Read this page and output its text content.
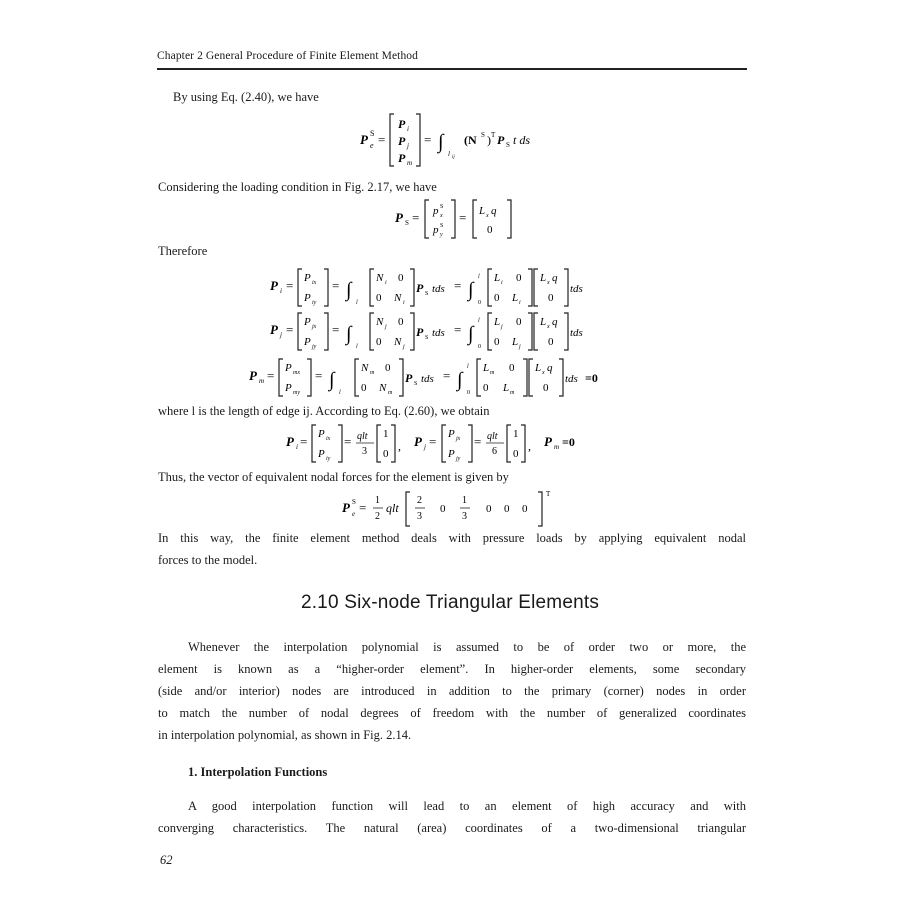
Chapter 2 General Procedure of Finite Element Method
By using Eq. (2.40), we have
P S
e =
P i
P j
P m
= ∫
l ij
(N S ) T P S t ds
Considering the loading condition in Fig. 2.17, we have
P S = p S
x
p S
y
= L x q
0
Therefore
P i = P ix
P iy
= ∫
l
N i 0
0 N i
P S tds = ∫
l
0
L i 0
0 L i
L x q
0
tds
P j = P jx
P jy
= ∫
l
N j 0
0 N j
P S tds = ∫
l
0
L j 0
0 L j
L x q
0
tds
P m = P mx
P my
= ∫
l
N m 0
0 N m
P S tds = ∫
l
0
L m 0
0 L m
L x q
0
tds =0
where l is the length of edge ij. According to Eq. (2.60), we obtain
P i = P ix
P iy
= qlt
3
1
0
, P j = P jx
P jy
= qlt
6
1
0
, P m =0
Thus, the vector of equivalent nodal forces for the element is given by
P S
e = 1
2
qlt
2
3
0
1
3
0 0 0
T
In this way, the finite element method deals with pressure loads by applying equivalent nodal
forces to the model.
2.10 Six-node Triangular Elements
Whenever the interpolation polynomial is assumed to be of order two or more, the
element is known as a “higher-order element”. In higher-order elements, some secondary
(side and/or interior) nodes are introduced in addition to the primary (corner) nodes in order
to match the number of nodal degrees of freedom with the number of generalized coordinates
in interpolation polynomial, as shown in Fig. 2.14.
1. Interpolation Functions
A good interpolation function will lead to an element of high accuracy and with
converging characteristics. The natural (area) coordinates of a two-dimensional triangular
62
